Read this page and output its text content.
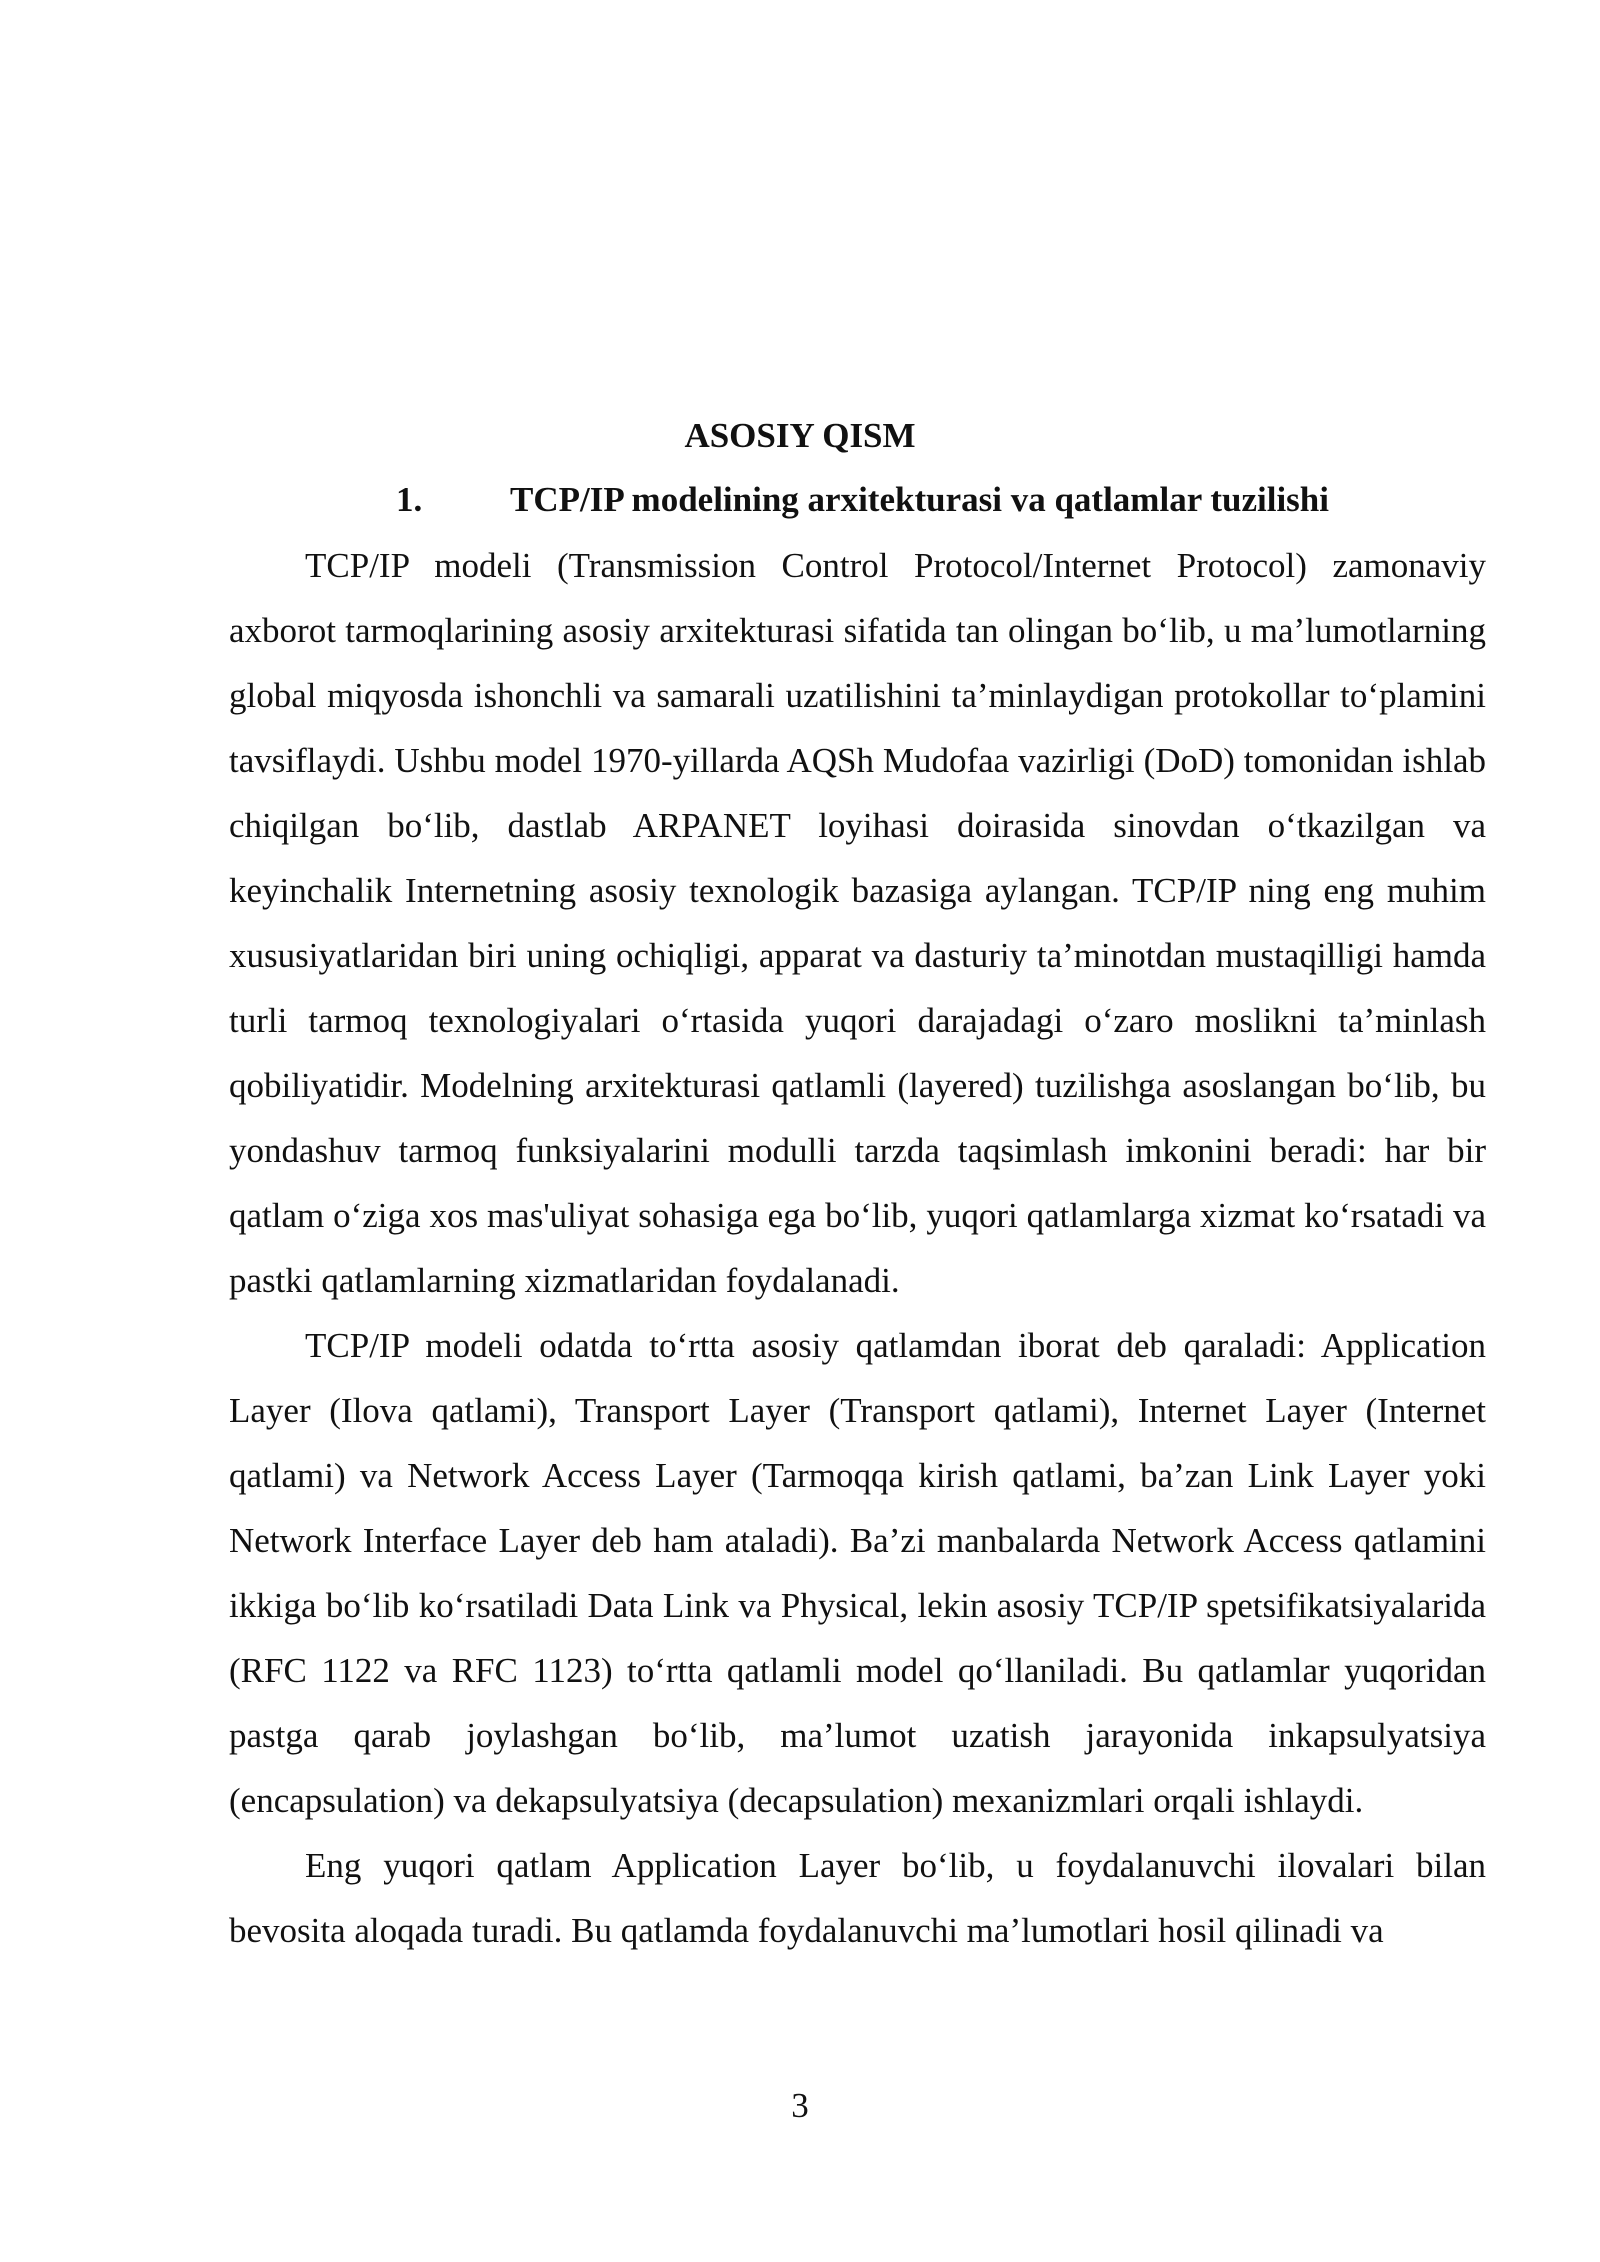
ASOSIY QISM
1.	TCP/IP modelining arxitekturasi va qatlamlar tuzilishi

TCP/IP modeli (Transmission Control Protocol/Internet Protocol) zamonaviy axborot tarmoqlarining asosiy arxitekturasi sifatida tan olingan bo‘lib, u ma’lumotlarning global miqyosda ishonchli va samarali uzatilishini ta’minlaydigan protokollar to‘plamini tavsiflaydi. Ushbu model 1970-yillarda AQSh Mudofaa vazirligi (DoD) tomonidan ishlab chiqilgan bo‘lib, dastlab ARPANET loyihasi doirasida sinovdan o‘tkazilgan va keyinchalik Internetning asosiy texnologik bazasiga aylangan. TCP/IP ning eng muhim xususiyatlaridan biri uning ochiqligi, apparat va dasturiy ta’minotdan mustaqilligi hamda turli tarmoq texnologiyalari o‘rtasida yuqori darajadagi o‘zaro moslikni ta’minlash qobiliyatidir. Modelning arxitekturasi qatlamli (layered) tuzilishga asoslangan bo‘lib, bu yondashuv tarmoq funksiyalarini modulli tarzda taqsimlash imkonini beradi: har bir qatlam o‘ziga xos mas'uliyat sohasiga ega bo‘lib, yuqori qatlamlarga xizmat ko‘rsatadi va pastki qatlamlarning xizmatlaridan foydalanadi.

TCP/IP modeli odatda to‘rtta asosiy qatlamdan iborat deb qaraladi: Application Layer (Ilova qatlami), Transport Layer (Transport qatlami), Internet Layer (Internet qatlami) va Network Access Layer (Tarmoqqa kirish qatlami, ba’zan Link Layer yoki Network Interface Layer deb ham ataladi). Ba’zi manbalarda Network Access qatlamini ikkiga bo‘lib ko‘rsatiladi Data Link va Physical, lekin asosiy TCP/IP spetsifikatsiyalarida (RFC 1122 va RFC 1123) to‘rtta qatlamli model qo‘llaniladi. Bu qatlamlar yuqoridan pastga qarab joylashgan bo‘lib, ma’lumot uzatish jarayonida inkapsulyatsiya (encapsulation) va dekapsulyatsiya (decapsulation) mexanizmlari orqali ishlaydi.

Eng yuqori qatlam Application Layer bo‘lib, u foydalanuvchi ilovalari bilan bevosita aloqada turadi. Bu qatlamda foydalanuvchi ma’lumotlari hosil qilinadi va

3
